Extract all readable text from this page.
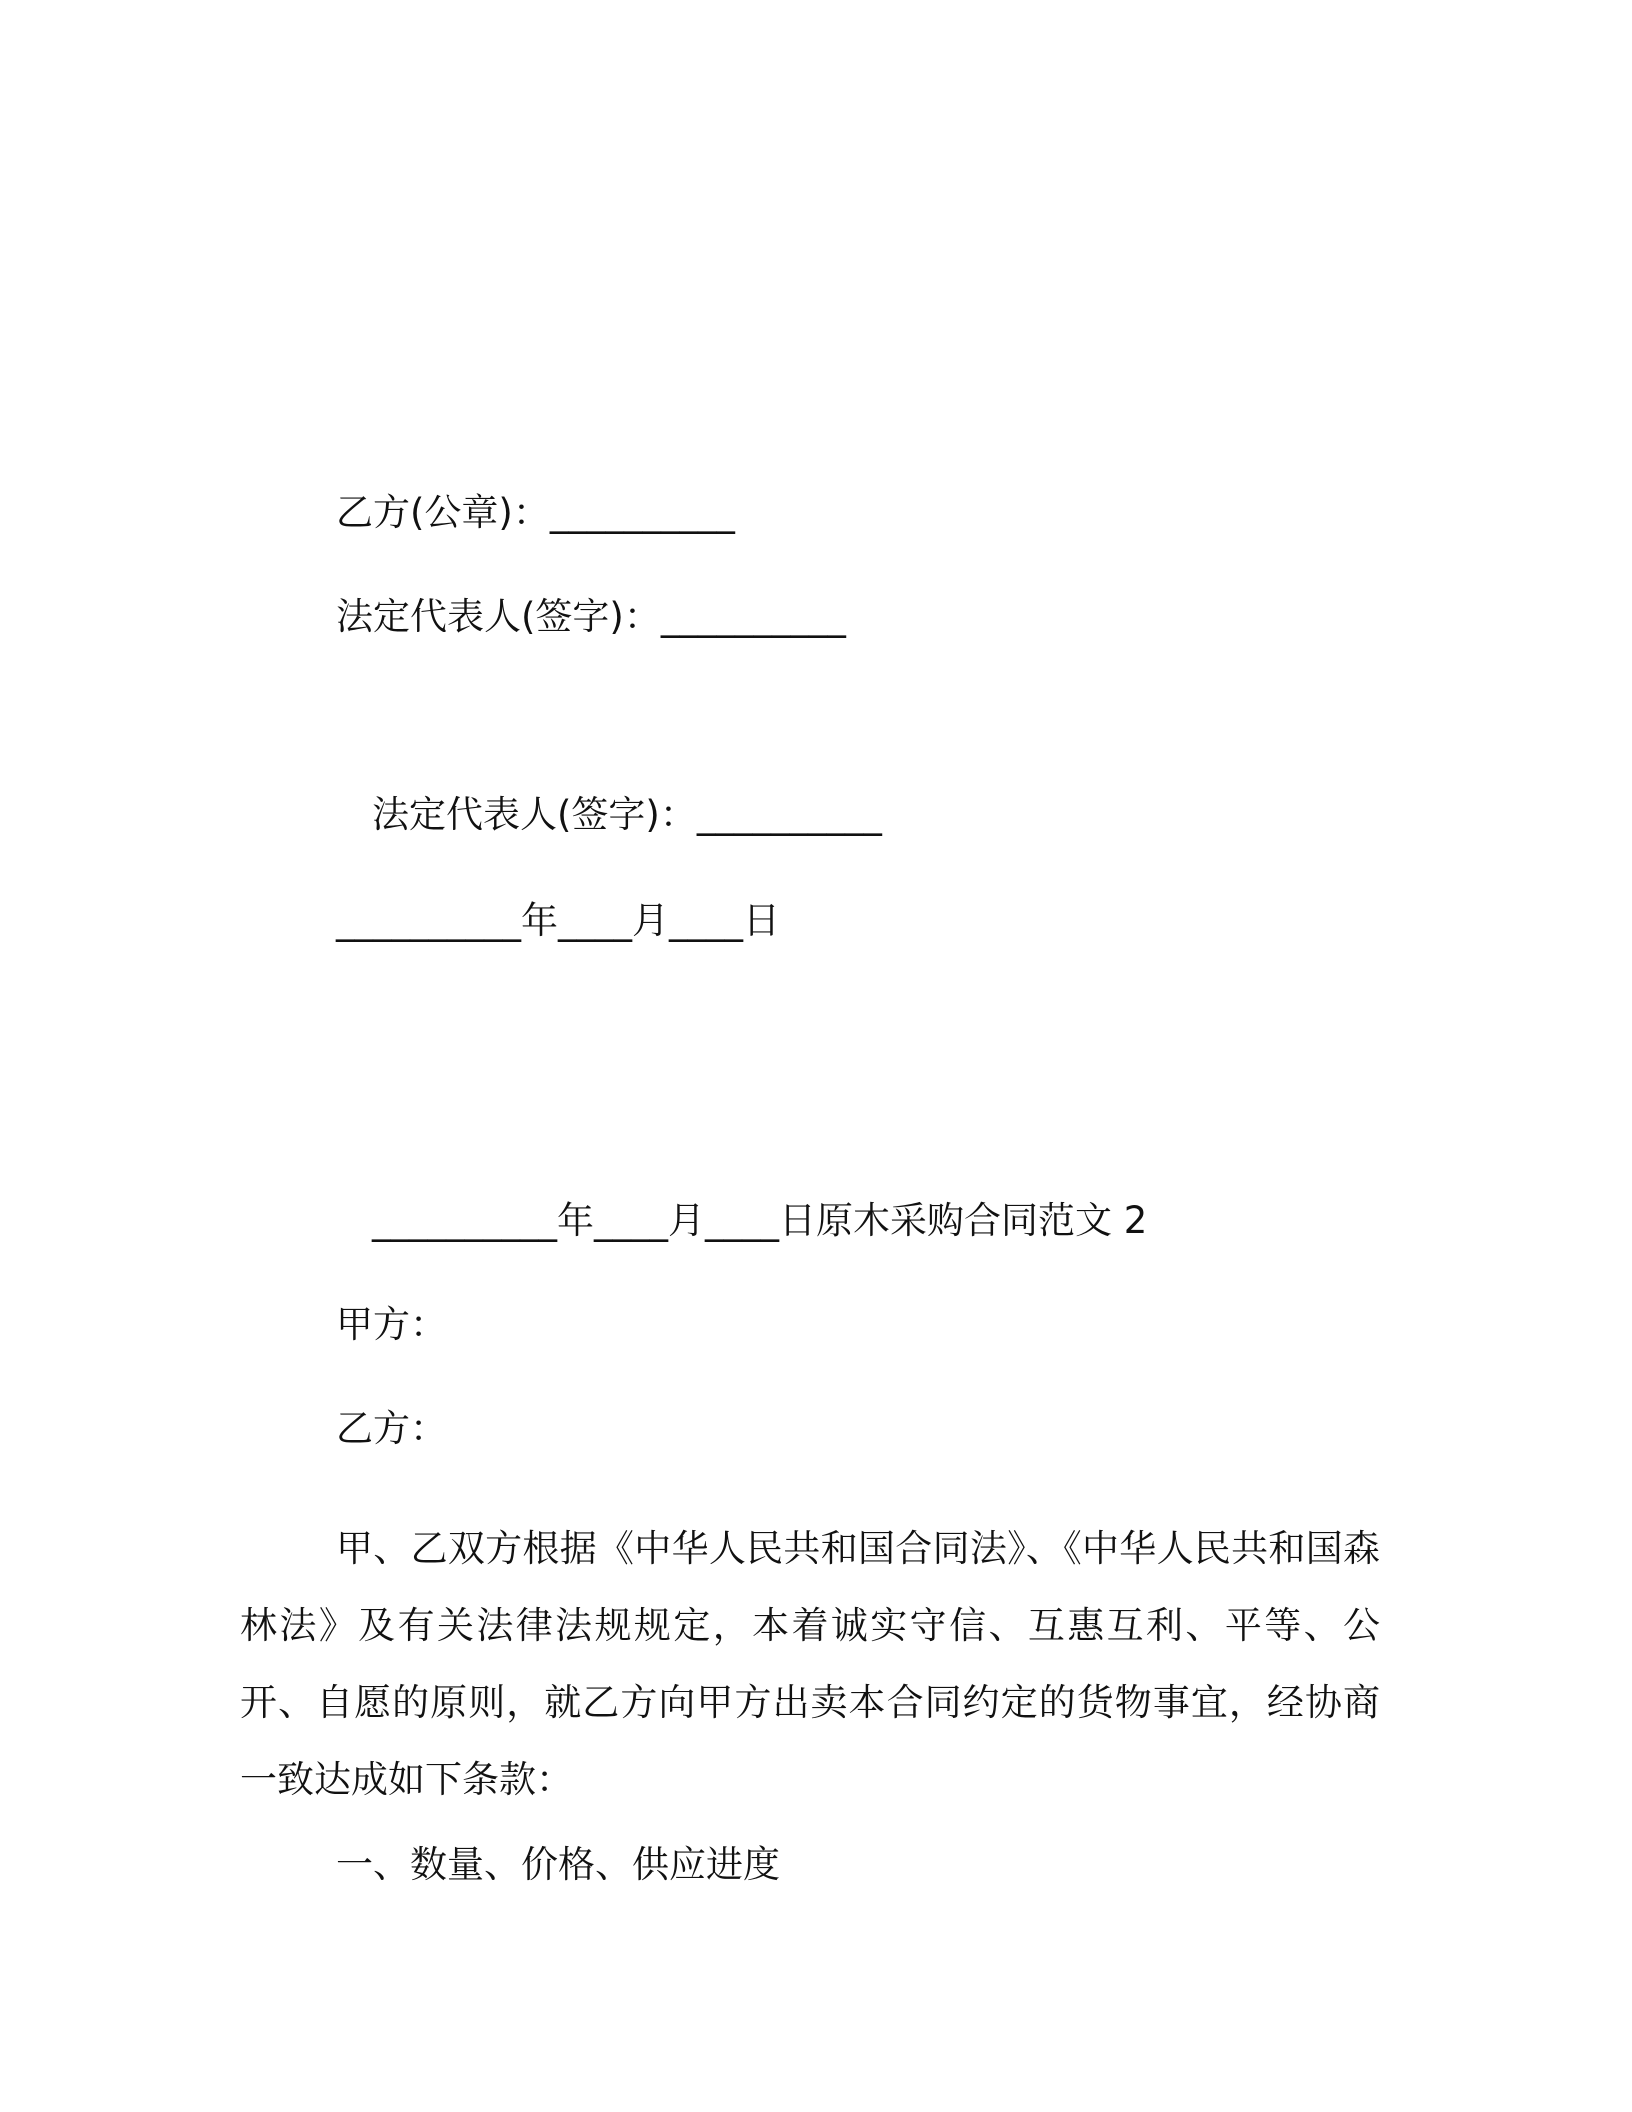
乙方(公章)：__________
法定代表人(签字)：__________
法定代表人(签字)：__________
__________年____月____日
__________年____月____日原木采购合同范文 2
甲方：
乙方：
甲、乙双方根据《中华人民共和国合同法》、《中华人民共和国森林法》及有关法律法规规定，本着诚实守信、互惠互利、平等、公开、自愿的原则，就乙方向甲方出卖本合同约定的货物事宜，经协商一致达成如下条款：
一、数量、价格、供应进度
